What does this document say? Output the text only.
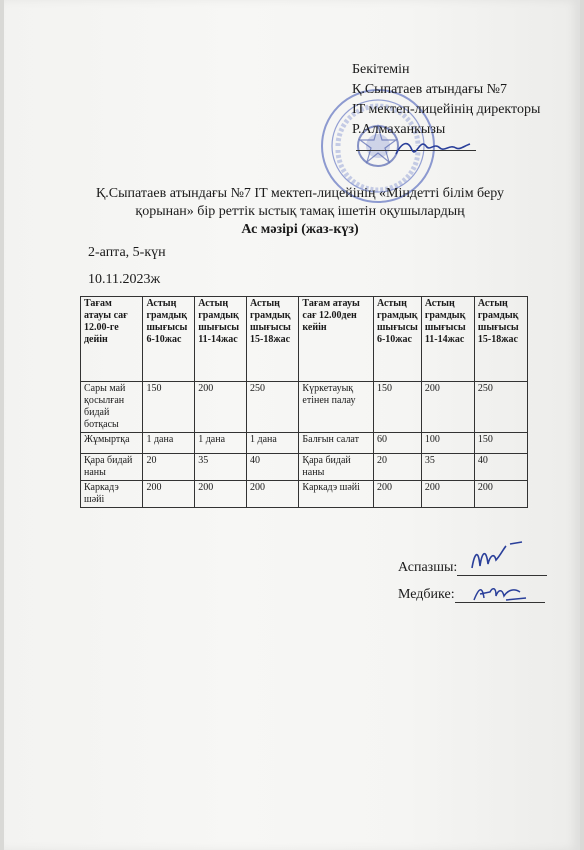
Бекітемін
Қ.Сыпатаев атындағы №7
IT мектеп-лицейінің директоры
Р.Алмаханкызы
Қ.Сыпатаев атындағы №7 IT мектеп-лицейінің «Міндетті білім беру
қорынан» бір реттік ыстық тамақ ішетін оқушылардың
Ас мәзірі (жаз-күз)
2-апта, 5-күн
10.11.2023ж
Тағам атауы сағ 12.00-ге дейін	Астың грамдық шығысы 6-10жас	Астың грамдық шығысы 11-14жас	Астың грамдық шығысы 15-18жас	Тағам атауы сағ 12.00ден кейін	Астың грамдық шығысы 6-10жас	Астың грамдық шығысы 11-14жас	Астың грамдық шығысы 15-18жас
Сары май қосылған бидай ботқасы	150	200	250	Күркетауық етінен палау	150	200	250
Жұмыртқа	1 дана	1 дана	1 дана	Балғын салат	60	100	150
Қара бидай наны	20	35	40	Қара бидай наны	20	35	40
Каркадэ шәйі	200	200	200	Каркадэ шәйі	200	200	200
Аспазшы:
Медбике:
